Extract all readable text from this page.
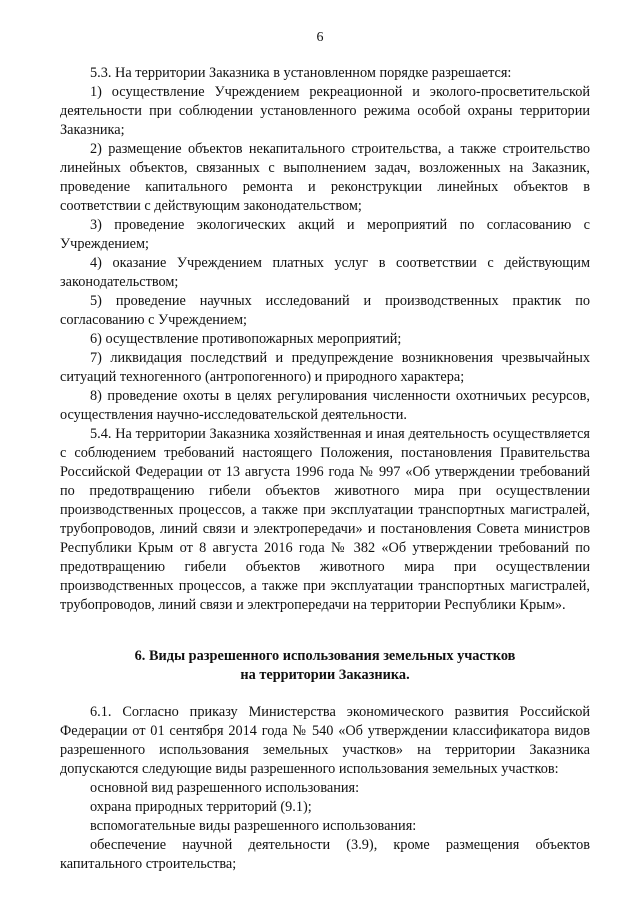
6

5.3. На территории Заказника в установленном порядке разрешается:

1) осуществление Учреждением рекреационной и эколого-просветительской деятельности при соблюдении установленного режима особой охраны территории Заказника;

2) размещение объектов некапитального строительства, а также строительство линейных объектов, связанных с выполнением задач, возложенных на Заказник, проведение капитального ремонта и реконструкции линейных объектов в соответствии с действующим законодательством;

3) проведение экологических акций и мероприятий по согласованию с Учреждением;

4) оказание Учреждением платных услуг в соответствии с действующим законодательством;

5) проведение научных исследований и производственных практик по согласованию с Учреждением;

6) осуществление противопожарных мероприятий;

7) ликвидация последствий и предупреждение возникновения чрезвычайных ситуаций техногенного (антропогенного) и природного характера;

8) проведение охоты в целях регулирования численности охотничьих ресурсов, осуществления научно-исследовательской деятельности.

5.4. На территории Заказника хозяйственная и иная деятельность осуществляется с соблюдением требований настоящего Положения, постановления Правительства Российской Федерации от 13 августа 1996 года № 997 «Об утверждении требований по предотвращению гибели объектов животного мира при осуществлении производственных процессов, а также при эксплуатации транспортных магистралей, трубопроводов, линий связи и электропередачи» и постановления Совета министров Республики Крым от 8 августа 2016 года № 382 «Об утверждении требований по предотвращению гибели объектов животного мира при осуществлении производственных процессов, а также при эксплуатации транспортных магистралей, трубопроводов, линий связи и электропередачи на территории Республики Крым».

6. Виды разрешенного использования земельных участков

на территории Заказника.

6.1. Согласно приказу Министерства экономического развития Российской Федерации от 01 сентября 2014 года № 540 «Об утверждении классификатора видов разрешенного использования земельных участков» на территории Заказника допускаются следующие виды разрешенного использования земельных участков:

основной вид разрешенного использования:

охрана природных территорий (9.1);

вспомогательные виды разрешенного использования:

обеспечение научной деятельности (3.9), кроме размещения объектов капитального строительства;
